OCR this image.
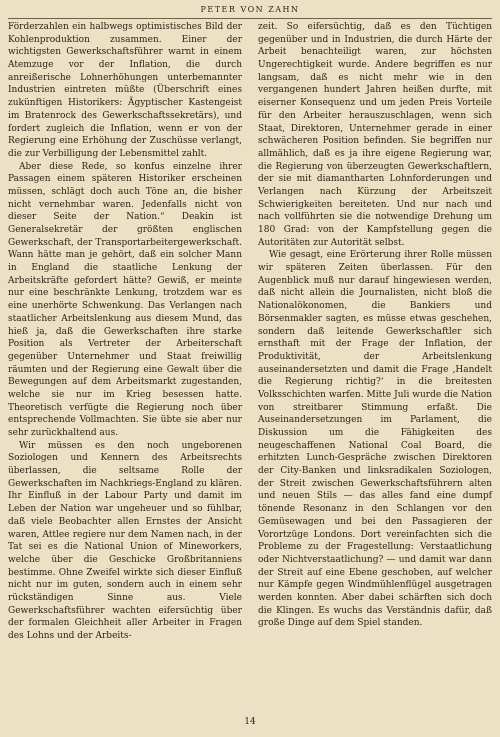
PETER VON ZAHN

Förderzahlen ein halbwegs optimistisches Bild der Kohlenproduktion zusammen. Einer der wichtigsten Gewerkschaftsführer warnt in einem Atemzuge vor der Inflation, die durch anreißerische Lohnerhöhungen unterbemannter Industrien eintreten müßte (Überschrift eines zukünftigen Historikers: Ägyptischer Kastengeist im Bratenrock des Gewerkschaftssekretärs), und fordert zugleich die Inflation, wenn er von der Regierung eine Erhöhung der Zuschüsse verlangt, die zur Verbilligung der Lebensmittel zahlt.

Aber diese Rede, so konfus einzelne ihrer Passagen einem späteren Historiker erscheinen müssen, schlägt doch auch Töne an, die bisher nicht vernehmbar waren. Jedenfalls nicht von dieser Seite der Nation.“ Deakin ist Generalsekretär der größten englischen Gewerkschaft, der Transportarbeitergewerkschaft. Wann hätte man je gehört, daß ein solcher Mann in England die staatliche Lenkung der Arbeitskräfte gefordert hätte? Gewiß, er meinte nur eine beschränkte Lenkung, trotzdem war es eine unerhörte Schwenkung. Das Verlangen nach staatlicher Arbeitslenkung aus diesem Mund, das hieß ja, daß die Gewerkschaften ihre starke Position als Vertreter der Arbeiterschaft gegenüber Unternehmer und Staat freiwillig räumten und der Regierung eine Gewalt über die Bewegungen auf dem Arbeitsmarkt zugestanden, welche sie nur im Krieg besessen hatte. Theoretisch verfügte die Regierung noch über entsprechende Vollmachten. Sie übte sie aber nur sehr zurückhaltend aus.

Wir müssen es den noch ungeborenen Soziologen und Kennern des Arbeitsrechts überlassen, die seltsame Rolle der Gewerkschaften im Nachkriegs-England zu klären. Ihr Einfluß in der Labour Party und damit im Leben der Nation war ungeheuer und so fühlbar, daß viele Beobachter allen Ernstes der Ansicht waren, Attlee regiere nur dem Namen nach, in der Tat sei es die National Union of Mineworkers, welche über die Geschicke Großbritanniens bestimme. Ohne Zweifel wirkte sich dieser Einfluß nicht nur im guten, sondern auch in einem sehr rückständigen Sinne aus. Viele Gewerkschaftsführer wachten eifersüchtig über der formalen Gleichheit aller Arbeiter in Fragen des Lohns und der Arbeits-

zeit. So eifersüchtig, daß es den Tüchtigen gegenüber und in Industrien, die durch Härte der Arbeit benachteiligt waren, zur höchsten Ungerechtigkeit wurde. Andere begriffen es nur langsam, daß es nicht mehr wie in den vergangenen hundert Jahren heißen durfte, mit eiserner Konsequenz und um jeden Preis Vorteile für den Arbeiter herauszuschlagen, wenn sich Staat, Direktoren, Unternehmer gerade in einer schwächeren Position befinden. Sie begriffen nur allmählich, daß es ja ihre eigene Regierung war, die Regierung von überzeugten Gewerkschaftlern, der sie mit diamantharten Lohnforderungen und Verlangen nach Kürzung der Arbeitszeit Schwierigkeiten bereiteten. Und nur nach und nach vollführten sie die notwendige Drehung um 180 Grad: von der Kampfstellung gegen die Autoritäten zur Autorität selbst.

Wie gesagt, eine Erörterung ihrer Rolle müssen wir späteren Zeiten überlassen. Für den Augenblick muß nur darauf hingewiesen werden, daß nicht allein die Journalisten, nicht bloß die Nationalökonomen, die Bankiers und Börsenmakler sagten, es müsse etwas geschehen, sondern daß leitende Gewerkschaftler sich ernsthaft mit der Frage der Inflation, der Produktivität, der Arbeitslenkung auseinandersetzten und damit die Frage ‚Handelt die Regierung richtig?‘ in die breitesten Volksschichten warfen. Mitte Juli wurde die Nation von streitbarer Stimmung erfaßt. Die Auseinandersetzungen im Parlament, die Diskussion um die Fähigkeiten des neugeschaffenen National Coal Board, die erhitzten Lunch-Gespräche zwischen Direktoren der City-Banken und linksradikalen Soziologen, der Streit zwischen Gewerkschaftsführern alten und neuen Stils — das alles fand eine dumpf tönende Resonanz in den Schlangen vor den Gemüsewagen und bei den Passagieren der Vorortzüge Londons. Dort vereinfachten sich die Probleme zu der Fragestellung: Verstaatlichung oder Nichtverstaatlichung? — und damit war dann der Streit auf eine Ebene geschoben, auf welcher nur Kämpfe gegen Windmühlenflügel ausgetragen werden konnten. Aber dabei schärften sich doch die Klingen. Es wuchs das Verständnis dafür, daß große Dinge auf dem Spiel standen.

14
